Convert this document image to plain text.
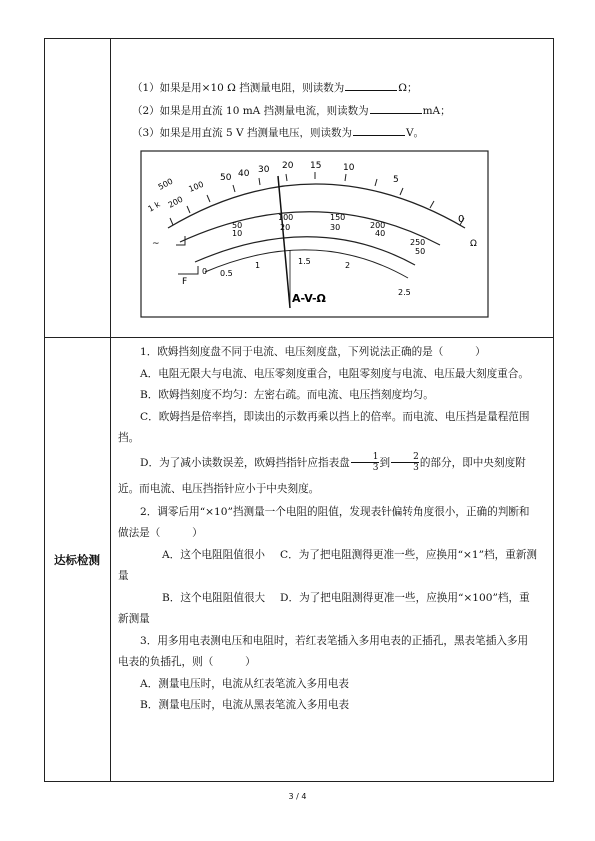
（1）如果是用×10 Ω 挡测量电阻，则读数为	Ω；
（2）如果是用直流 10 mA 挡测量电流，则读数为	mA；
（3）如果是用直流 5 V 挡测量电压，则读数为	V。
1 k
500
200
100
50 40 30 20 15 10
5
0
Ω
50
100	150
200
250
10
20	30
40
50
0 0.5
1	1.5	2
2.5
~
F
A-V-Ω
达标检测

1．欧姆挡刻度盘不同于电流、电压刻度盘，下列说法正确的是（　　　）

A．电阻无限大与电流、电压零刻度重合，电阻零刻度与电流、电压最大刻度重合。

B．欧姆挡刻度不均匀：左密右疏。而电流、电压挡刻度均匀。

C．欧姆挡是倍率挡，即读出的示数再乘以挡上的倍率。而电流、电压挡是量程范围挡。

D．为了减小读数误差，欧姆挡指针应指表盘 $\frac{1}{3}$ 到 $\frac{2}{3}$ 的部分，即中央刻度附近。而电流、电压挡指针应小于中央刻度。

2．调零后用“×10”挡测量一个电阻的阻值，发现表针偏转角度很小，正确的判断和做法是（　　　）

A．这个电阻阻值很小 C．为了把电阻测得更准一些，应换用“×1”档，重新测量

B．这个电阻阻值很大 D．为了把电阻测得更准一些，应换用“×100”档，重新测量

3．用多用电表测电压和电阻时，若红表笔插入多用电表的正插孔，黑表笔插入多用电表的负插孔，则（　　　）

A．测量电压时，电流从红表笔流入多用电表

B．测量电压时，电流从黑表笔流入多用电表

3 / 4
